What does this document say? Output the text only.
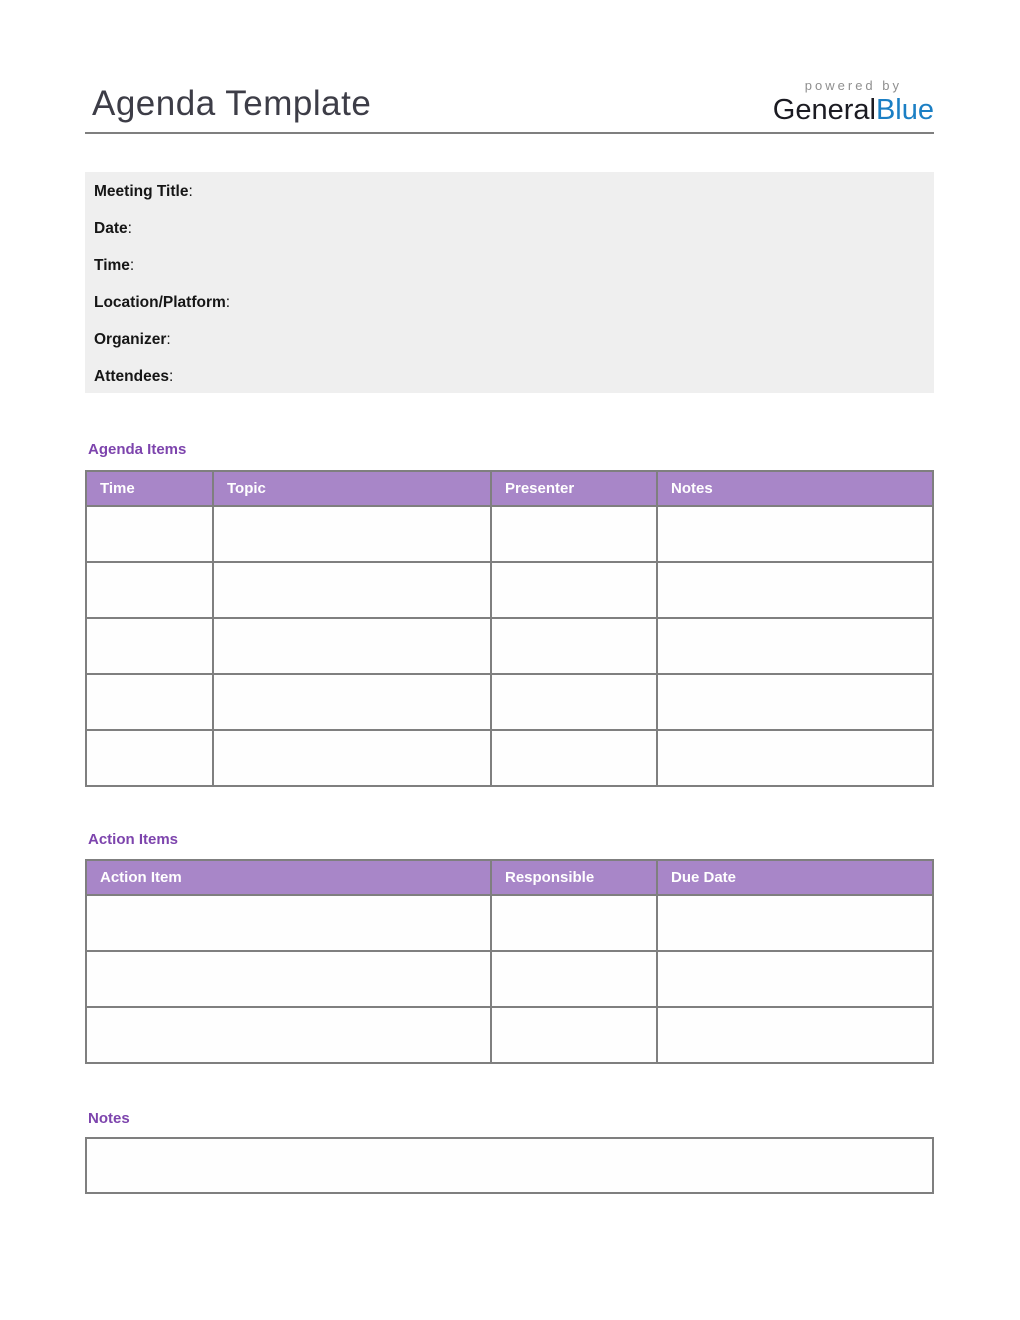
Agenda Template	powered by
GeneralBlue
Meeting Title :
Date :
Time :
Location/Platform :
Organizer :
Attendees :
Agenda Items
Time	Topic	Presenter	Notes

Action Items
Action Item	Responsible	Due Date

Notes
